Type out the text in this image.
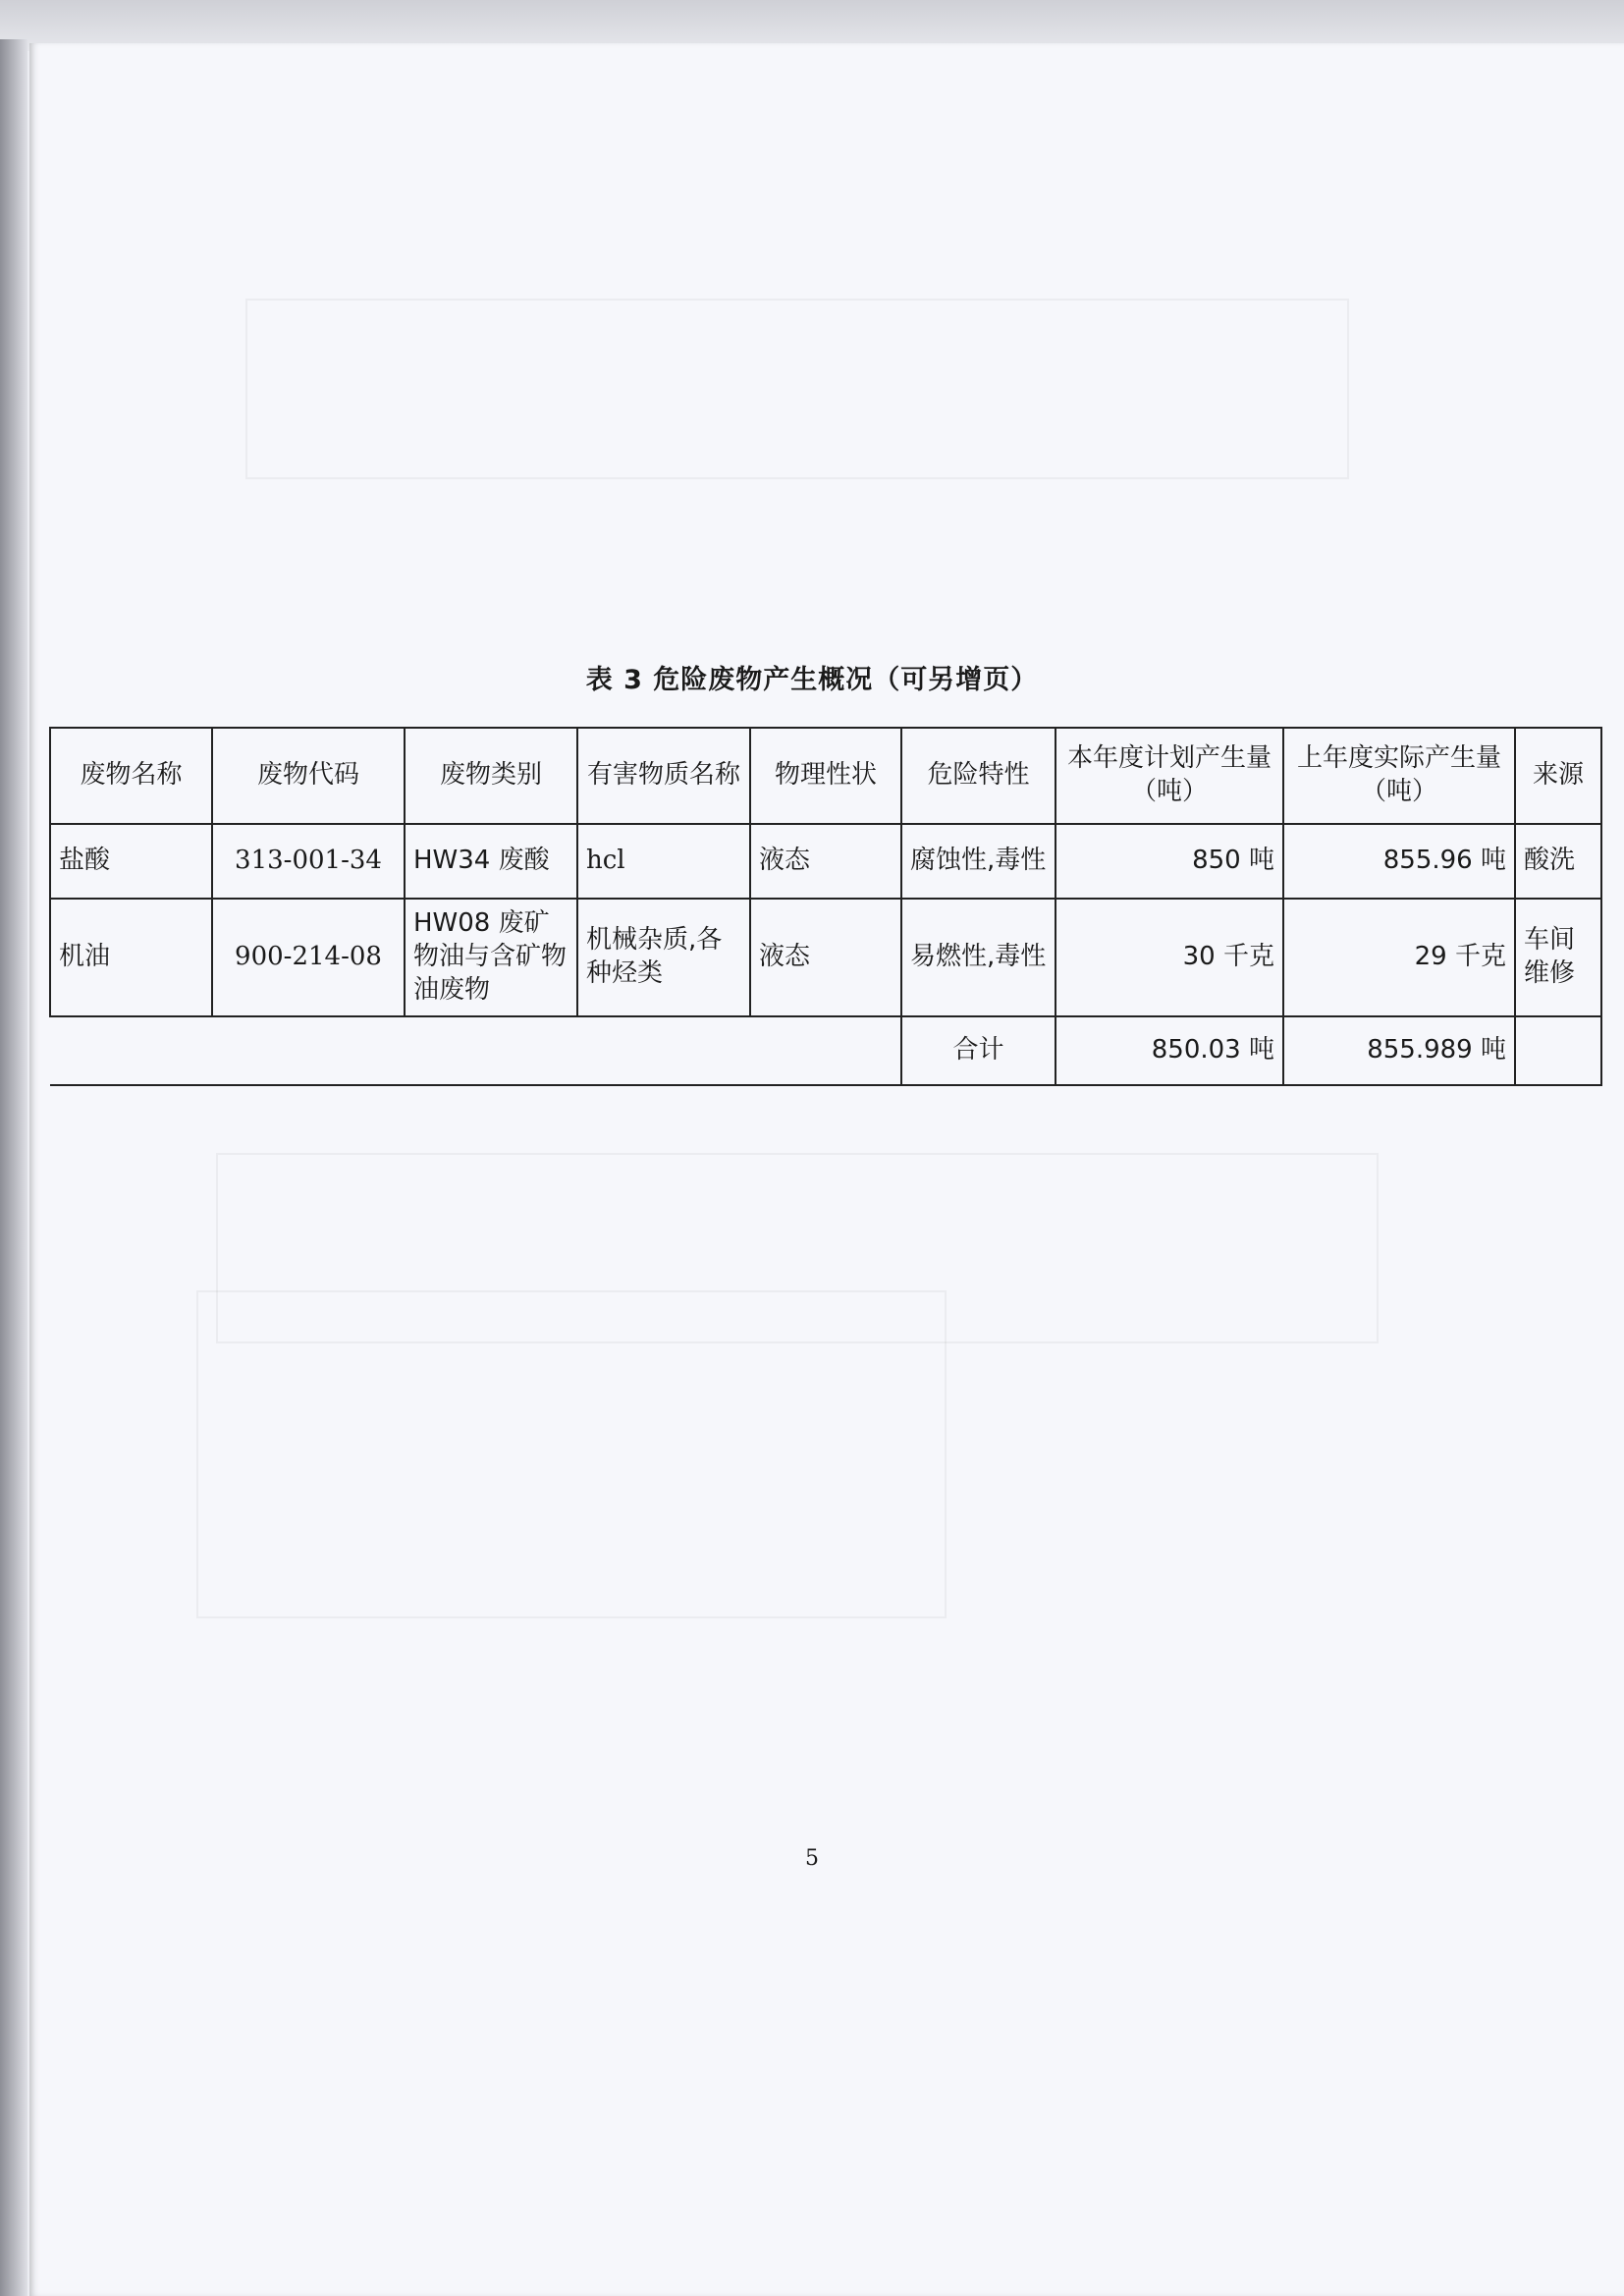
表 3 危险废物产生概况（可另增页）
废物名称	废物代码	废物类别	有害物质名称	物理性状	危险特性	本年度计划产生量（吨）	上年度实际产生量（吨）	来源
盐酸	313-001-34	HW34 废酸	hcl	液态	腐蚀性,毒性	850 吨	855.96 吨	酸洗
机油	900-214-08	HW08 废矿物油与含矿物油废物	机械杂质,各种烃类	液态	易燃性,毒性	30 千克	29 千克	车间维修
					合计	850.03 吨	855.989 吨	
5
